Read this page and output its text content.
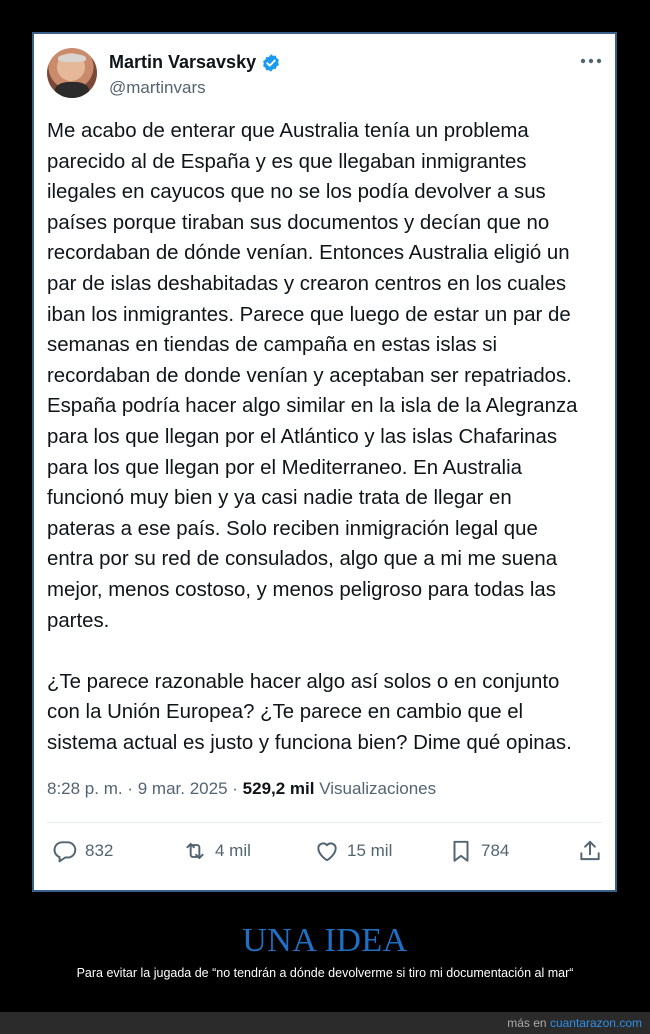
Martin Varsavsky
@martinvars
Me acabo de enterar que Australia tenía un problema
parecido al de España y es que llegaban inmigrantes
ilegales en cayucos que no se los podía devolver a sus
países porque tiraban sus documentos y decían que no
recordaban de dónde venían. Entonces Australia eligió un
par de islas deshabitadas y crearon centros en los cuales
iban los inmigrantes. Parece que luego de estar un par de
semanas en tiendas de campaña en estas islas si
recordaban de donde venían y aceptaban ser repatriados.
España podría hacer algo similar en la isla de la Alegranza
para los que llegan por el Atlántico y las islas Chafarinas
para los que llegan por el Mediterraneo. En Australia
funcionó muy bien y ya casi nadie trata de llegar en
pateras a ese país. Solo reciben inmigración legal que
entra por su red de consulados, algo que a mi me suena
mejor, menos costoso, y menos peligroso para todas las
partes.

¿Te parece razonable hacer algo así solos o en conjunto
con la Unión Europea? ¿Te parece en cambio que el
sistema actual es justo y funciona bien? Dime qué opinas.
8:28 p. m. · 9 mar. 2025 · 529,2 mil Visualizaciones
832	4 mil	15 mil	784
UNA IDEA
Para evitar la jugada de “no tendrán a dónde devolverme si tiro mi documentación al mar“
más en cuantarazon.com
